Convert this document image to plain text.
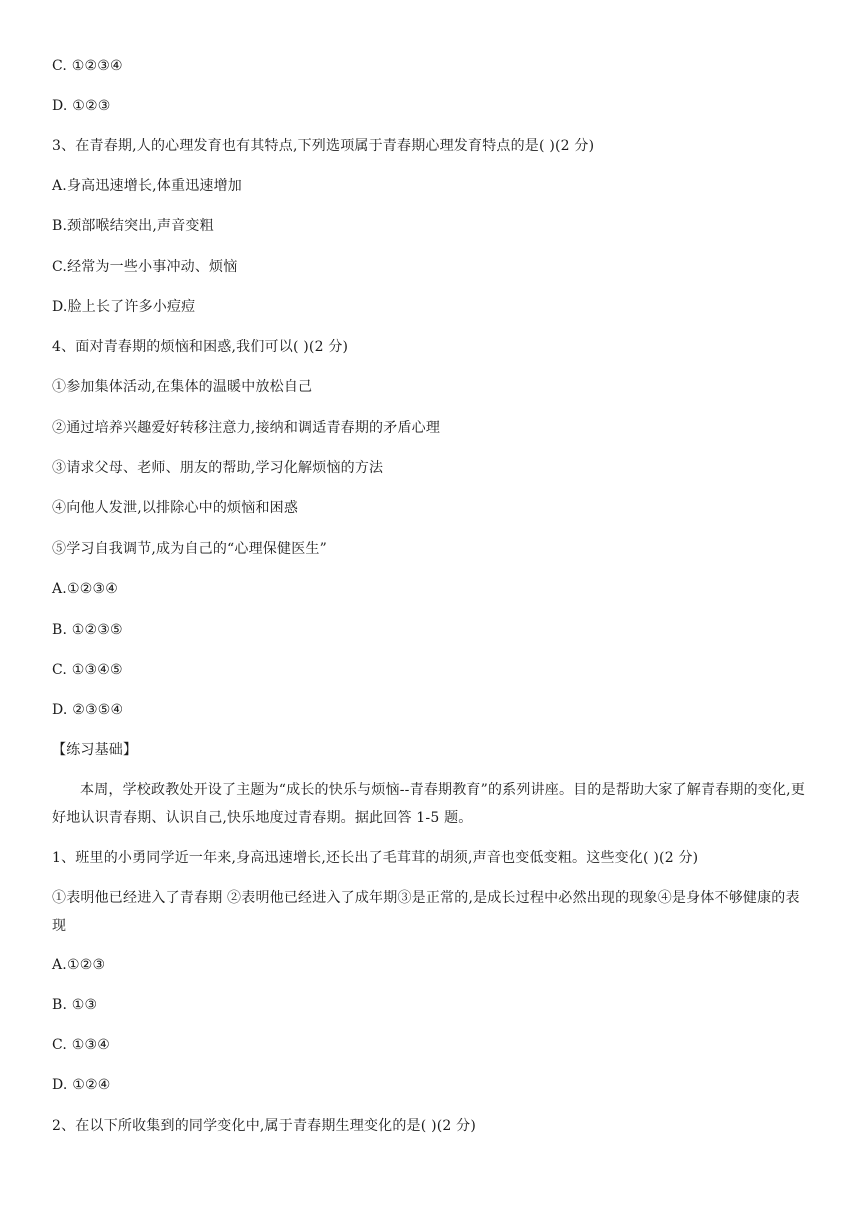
C. ①②③④
D. ①②③
3、在青春期,人的心理发育也有其特点,下列选项属于青春期心理发育特点的是( )(2 分)
A.身高迅速增长,体重迅速增加
B.颈部喉结突出,声音变粗
C.经常为一些小事冲动、烦恼
D.脸上长了许多小痘痘
4、面对青春期的烦恼和困惑,我们可以( )(2 分)
①参加集体活动,在集体的温暖中放松自己
②通过培养兴趣爱好转移注意力,接纳和调适青春期的矛盾心理
③请求父母、老师、朋友的帮助,学习化解烦恼的方法
④向他人发泄,以排除心中的烦恼和困惑
⑤学习自我调节,成为自己的“心理保健医生”
A.①②③④
B. ①②③⑤
C. ①③④⑤
D. ②③⑤④
【练习基础】
本周，学校政教处开设了主题为“成长的快乐与烦恼--青春期教育”的系列讲座。目的是帮助大家了解青春期的变化,更好地认识青春期、认识自己,快乐地度过青春期。据此回答 1-5 题。
1、班里的小勇同学近一年来,身高迅速增长,还长出了毛茸茸的胡须,声音也变低变粗。这些变化( )(2 分)
①表明他已经进入了青春期 ②表明他已经进入了成年期③是正常的,是成长过程中必然出现的现象④是身体不够健康的表现
A.①②③
B. ①③
C. ①③④
D. ①②④
2、在以下所收集到的同学变化中,属于青春期生理变化的是( )(2 分)
